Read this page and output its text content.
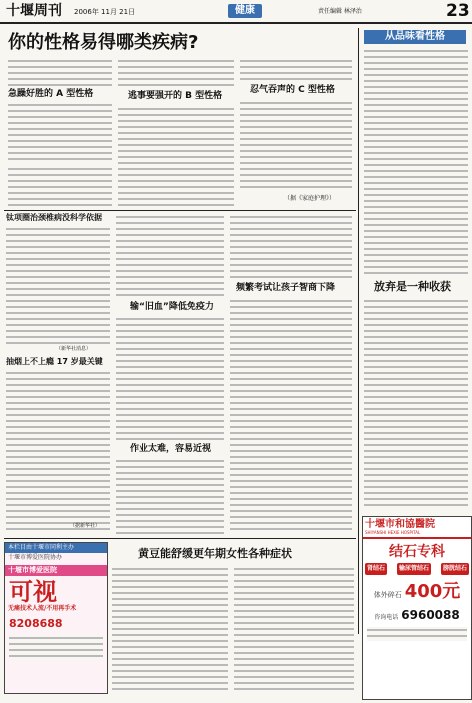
十堰周刊 2006年 11月 21日	健康	责任编辑 林泽治	23
你的性格易得哪类疾病?
急躁好胜的 A 型性格	逃事要强开的 B 型性格
忍气吞声的 C 型性格
（据《家庭护理》）
从品味看性格
放弃是一种收获
钛项圈治颈椎病没科学依据
（新华社消息）
抽烟上不上瘾 17 岁最关键
（据新华社）
输“旧血”降低免疫力
作业太难，容易近视
频繁考试让孩子智商下降
本栏目由十堰市同利主办
十堰市博爱医院协办
十堰市博爱医院
可视
无痛技术人流/不用再手术
8208688
黄豆能舒缓更年期女性各种症状
十堰市和協醫院
SHIYANSHI HEXIE HOSPITAL
结石专科
肾结石	输尿管结石	膀胱结石
体外碎石 400元
咨询电话 6960088
